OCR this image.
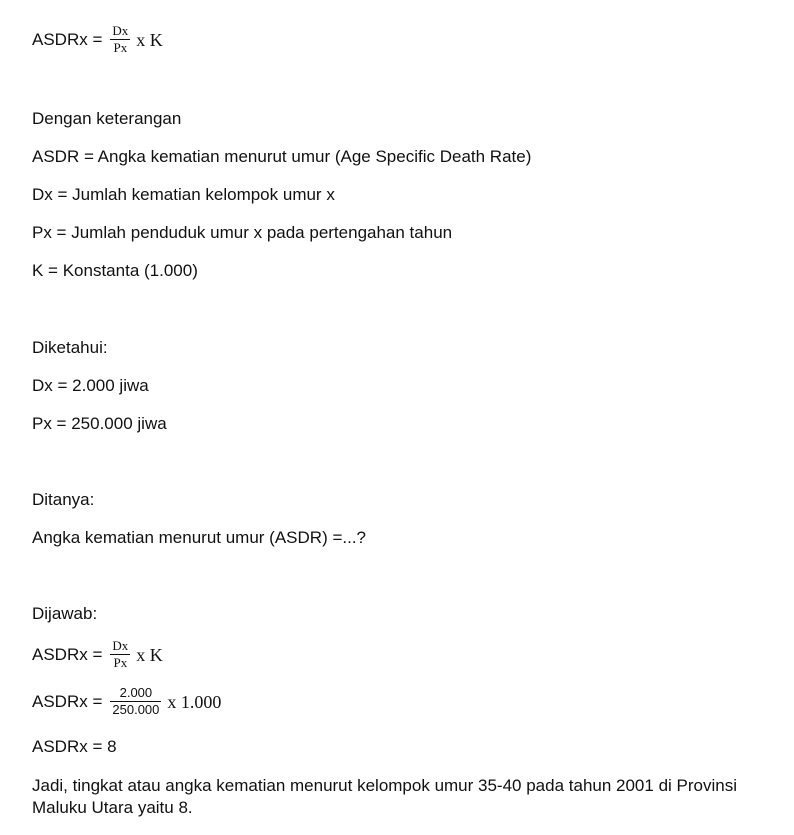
ASDRx = $\frac{Dx}{Px}$ x K
Dengan keterangan
ASDR = Angka kematian menurut umur (Age Specific Death Rate)
Dx = Jumlah kematian kelompok umur x
Px = Jumlah penduduk umur x pada pertengahan tahun
K = Konstanta (1.000)
Diketahui:
Dx = 2.000 jiwa
Px = 250.000 jiwa
Ditanya:
Angka kematian menurut umur (ASDR) =...?
Dijawab:
ASDRx = $\frac{Dx}{Px}$ x K
ASDRx = $\frac{2.000}{250.000}$ x 1.000
ASDRx = 8
Jadi, tingkat atau angka kematian menurut kelompok umur 35-40 pada tahun 2001 di Provinsi Maluku Utara yaitu 8.
